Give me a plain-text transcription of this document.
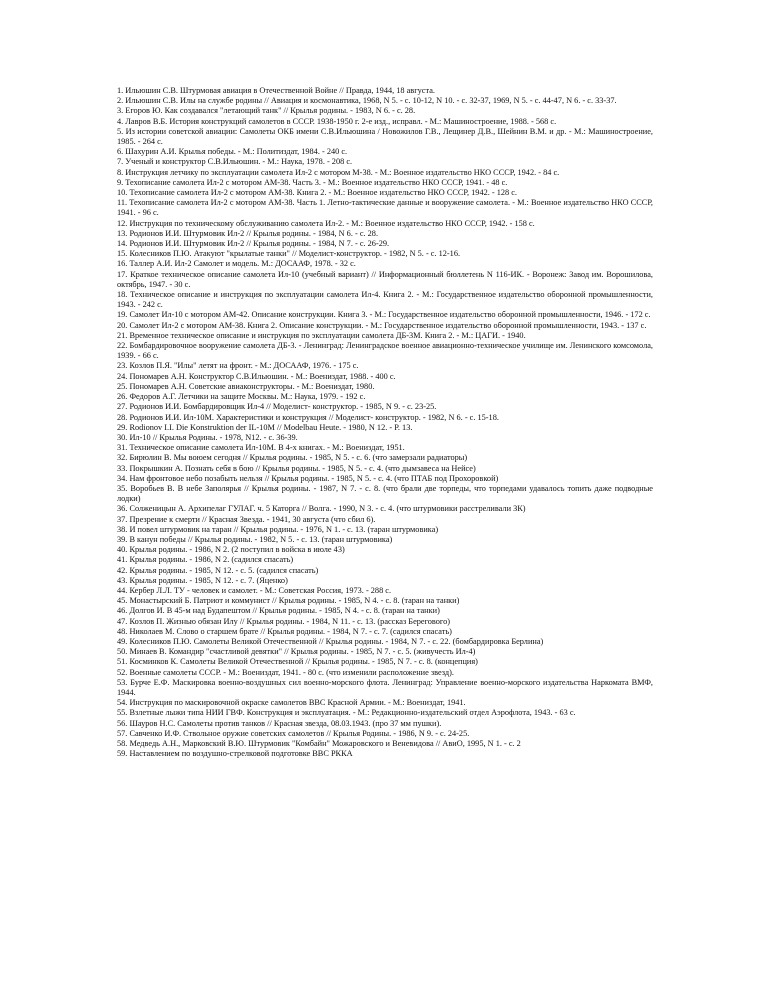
1. Ильюшин С.В. Штурмовая авиация в Отечественной Войне // Правда, 1944, 18 августа.

2. Ильюшин С.В. Илы на службе родины // Авиация и космонавтика, 1968, N 5. - с. 10-12, N 10. - с. 32-37, 1969, N 5. - с. 44-47, N 6. - с. 33-37.

3. Егоров Ю. Как создавался "летающий танк" // Крылья родины. - 1983, N 6. - с. 28.

4. Лавров В.Б. История конструкций самолетов в СССР. 1938-1950 г. 2-е изд., исправл. - М.: Машиностроение, 1988. - 568 с.

5. Из истории советской авиации: Самолеты ОКБ имени С.В.Ильюшина / Новожилов Г.В., Лещинер Д.В., Шейнин В.М. и др. - М.: Машиностроение, 1985. - 264 с.

6. Шахурин А.И. Крылья победы. - М.: Политиздат, 1984. - 240 с.

7. Ученый и конструктор С.В.Ильюшин. - М.: Наука, 1978. - 208 с.

8. Инструкция летчику по эксплуатации самолета Ил-2 с мотором М-38. - М.: Военное издательство НКО СССР, 1942. - 84 с.

9. Техописание самолета Ил-2 с мотором АМ-38. Часть 3. - М.: Военное издательство НКО СССР, 1941. - 48 с.

10. Техописание самолета Ил-2 с мотором АМ-38. Книга 2. - М.: Военное издательство НКО СССР, 1942. - 128 с.

11. Техописание самолета Ил-2 с мотором АМ-38. Часть 1. Летно-тактические данные и вооружение самолета. - М.: Военное издательство НКО СССР, 1941. - 96 с.

12. Инструкция по техническому обслуживанию самолета Ил-2. - М.: Военное издательство НКО СССР, 1942. - 158 с.

13. Родионов И.И. Штурмовик Ил-2 // Крылья родины. - 1984, N 6. - с. 28.

14. Родионов И.И. Штурмовик Ил-2 // Крылья родины. - 1984, N 7. - с. 26-29.

15. Колесников П.Ю. Атакуют "крылатые танки" // Моделист-конструктор. - 1982, N 5. - с. 12-16.

16. Таллер А.И. Ил-2 Самолет и модель. М.: ДОСААФ, 1978. - 32 с.

17. Краткое техническое описание самолета Ил-10 (учебный вариант) // Информационный бюллетень N 116-ИК. - Воронеж: Завод им. Ворошилова, октябрь, 1947. - 30 с.

18. Техническое описание и инструкция по эксплуатации самолета Ил-4. Книга 2. - М.: Государственное издательство оборонной промышленности, 1943. - 242 с.

19. Самолет Ил-10 с мотором АМ-42. Описание конструкции. Книга 3. - М.: Государственное издательство оборонной промышленности, 1946. - 172 с.

20. Самолет Ил-2 с мотором АМ-38. Книга 2. Описание конструкции. - М.: Государственное издательство оборонной промышленности, 1943. - 137 с.

21. Временное техническое описание и инструкция по эксплуатации самолета ДБ-3М. Книга 2. - М.: ЦАГИ. - 1940.

22. Бомбардировочное вооружение самолета ДБ-3. - Ленинград: Ленинградское военное авиационно-техническое училище им. Ленинского комсомола, 1939. - 66 с.

23. Козлов П.Я. "Илы" летят на фронт. - М.: ДОСААФ, 1976. - 175 с.

24. Пономарев А.Н. Конструктор С.В.Ильюшин. - М.: Воениздат, 1988. - 400 с.

25. Пономарев А.Н. Советские авиаконструкторы. - М.: Воениздат, 1980.

26. Федоров А.Г. Летчики на защите Москвы. М.: Наука, 1979. - 192 с.

27. Родионов И.И. Бомбардировщик Ил-4 // Моделист- конструктор. - 1985, N 9. - с. 23-25.

28. Родионов И.И. Ил-10М. Характеристики и конструкция // Моделист- конструктор. - 1982, N 6. - с. 15-18.

29. Rodionov I.I. Die Konstruktion der IL-10M // Modelbau Heute. - 1980, N 12. - P. 13.

30. Ил-10 // Крылья Родины. - 1978, N12. - с. 36-39.

31. Техническое описание самолета Ил-10М. В 4-х книгах. - М.: Воениздат, 1951.

32. Бирюлин В. Мы воюем сегодня // Крылья родины. - 1985, N 5. - с. 6. (что замерзали радиаторы)

33. Покрышкин А. Познать себя в бою // Крылья родины. - 1985, N 5. - с. 4. (что дымзавеса на Нейсе)

34. Нам фронтовое небо позабыть нельзя // Крылья родины. - 1985, N 5. - с. 4. (что ПТАБ под Прохоровкой)

35. Воробьев В. В небе Заполярья // Крылья родины. - 1987, N 7. - с. 8. (что брали две торпеды, что торпедами удавалось топить даже подводные лодки)

36. Солженицын А. Архипелаг ГУЛАГ. ч. 5 Каторга // Волга. - 1990, N 3. - с. 4. (что штурмовики расстреливали ЗК)

37. Презрение к смерти // Красная Звезда. - 1941, 30 августа (что сбил 6).

38. И повел штурмовик на таран // Крылья родины. - 1976, N 1. - с. 13. (таран штурмовика)

39. В канун победы // Крылья родины. - 1982, N 5. - с. 13. (таран штурмовика)

40. Крылья родины. - 1986, N 2. (2 поступил в войска в июле 43)

41. Крылья родины. - 1986, N 2. (садился спасать)

42. Крылья родины. - 1985, N 12. - с. 5. (садился спасать)

43. Крылья родины. - 1985, N 12. - с. 7. (Яценко)

44. Кербер Л.Л. ТУ - человек и самолет. - М.: Советская Россия, 1973. - 288 с.

45. Монастырский Б. Патриот и коммунист // Крылья родины. - 1985, N 4. - с. 8. (таран на танки)

46. Долгов И. В 45-м над Будапештом // Крылья родины. - 1985, N 4. - с. 8. (таран на танки)

47. Козлов П. Жизнью обязан Илу // Крылья родины. - 1984, N 11. - с. 13. (рассказ Берегового)

48. Николаев М. Слово о старшем брате // Крылья родины. - 1984, N 7. - с. 7. (садился спасать)

49. Колесников П.Ю. Самолеты Великой Отечественной // Крылья родины. - 1984, N 7. - с. 22. (бомбардировка Берлина)

50. Минаев В. Командир "счастливой девятки" // Крылья родины. - 1985, N 7. - с. 5. (живучесть Ил-4)

51. Косминков К. Самолеты Великой Отечественной // Крылья родины. - 1985, N 7. - с. 8. (концепция)

52. Военные самолеты СССР. - М.: Воениздат, 1941. - 80 с. (что изменили расположение звезд).

53. Бурче Е.Ф. Маскировка военно-воздушных сил военно-морского флота. Ленинград: Управление военно-морского издательства Наркомата ВМФ, 1944.

54. Инструкция по маскировочной окраске самолетов ВВС Красной Армии. - М.: Воениздат, 1941.

55. Взлетные лыжи типа НИИ ГВФ. Конструкция и эксплуатация. - М.: Редакционно-издательский отдел Аэрофлота, 1943. - 63 с.

56. Шауров Н.С. Самолеты против танков // Красная звезда, 08.03.1943. (про 37 мм пушки).

57. Савченко И.Ф. Ствольное оружие советских самолетов // Крылья Родины. - 1986, N 9. - с. 24-25.

58. Медведь А.Н., Марковский В.Ю. Штурмовик "Комбайн" Можаровского и Веневидова // АвиО, 1995, N 1. - с. 2

59. Наставлением по воздушно-стрелковой подготовке ВВС РККА
